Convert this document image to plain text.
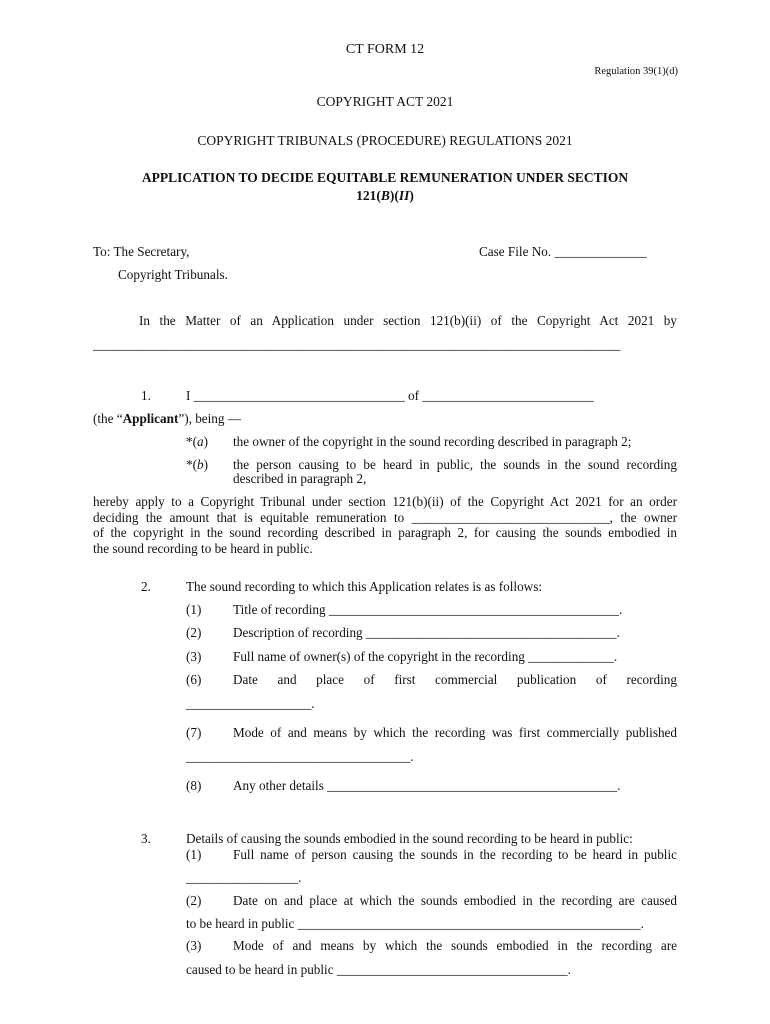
CT FORM 12
Regulation 39(1)(d)
COPYRIGHT ACT 2021
COPYRIGHT TRIBUNALS (PROCEDURE) REGULATIONS 2021
APPLICATION TO DECIDE EQUITABLE REMUNERATION UNDER SECTION
121(B)(II)
To: The Secretary,	Case File No. ______________
Copyright Tribunals.
In the Matter of an Application under section 121(b)(ii) of the Copyright Act 2021 by
________________________________________________________________________________
1.	I ________________________________ of __________________________
(the “Applicant”), being —
*(a) the owner of the copyright in the sound recording described in paragraph 2;
*(b) the person causing to be heard in public, the sounds in the sound recording
described in paragraph 2,
hereby apply to a Copyright Tribunal under section 121(b)(ii) of the Copyright Act 2021 for an order
deciding the amount that is equitable remuneration to ______________________________, the owner
of the copyright in the sound recording described in paragraph 2, for causing the sounds embodied in
the sound recording to be heard in public.
2.	The sound recording to which this Application relates is as follows:
(1) Title of recording ____________________________________________.
(2) Description of recording ______________________________________.
(3) Full name of owner(s) of the copyright in the recording _____________.
(6) Date and place of first commercial publication of recording
___________________.
(7) Mode of and means by which the recording was first commercially published
__________________________________.
(8) Any other details ____________________________________________.
3.	Details of causing the sounds embodied in the sound recording to be heard in public:
(1) Full name of person causing the sounds in the recording to be heard in public
_________________.
(2) Date on and place at which the sounds embodied in the recording are caused
to be heard in public ____________________________________________________.
(3) Mode of and means by which the sounds embodied in the recording are
caused to be heard in public ___________________________________.
